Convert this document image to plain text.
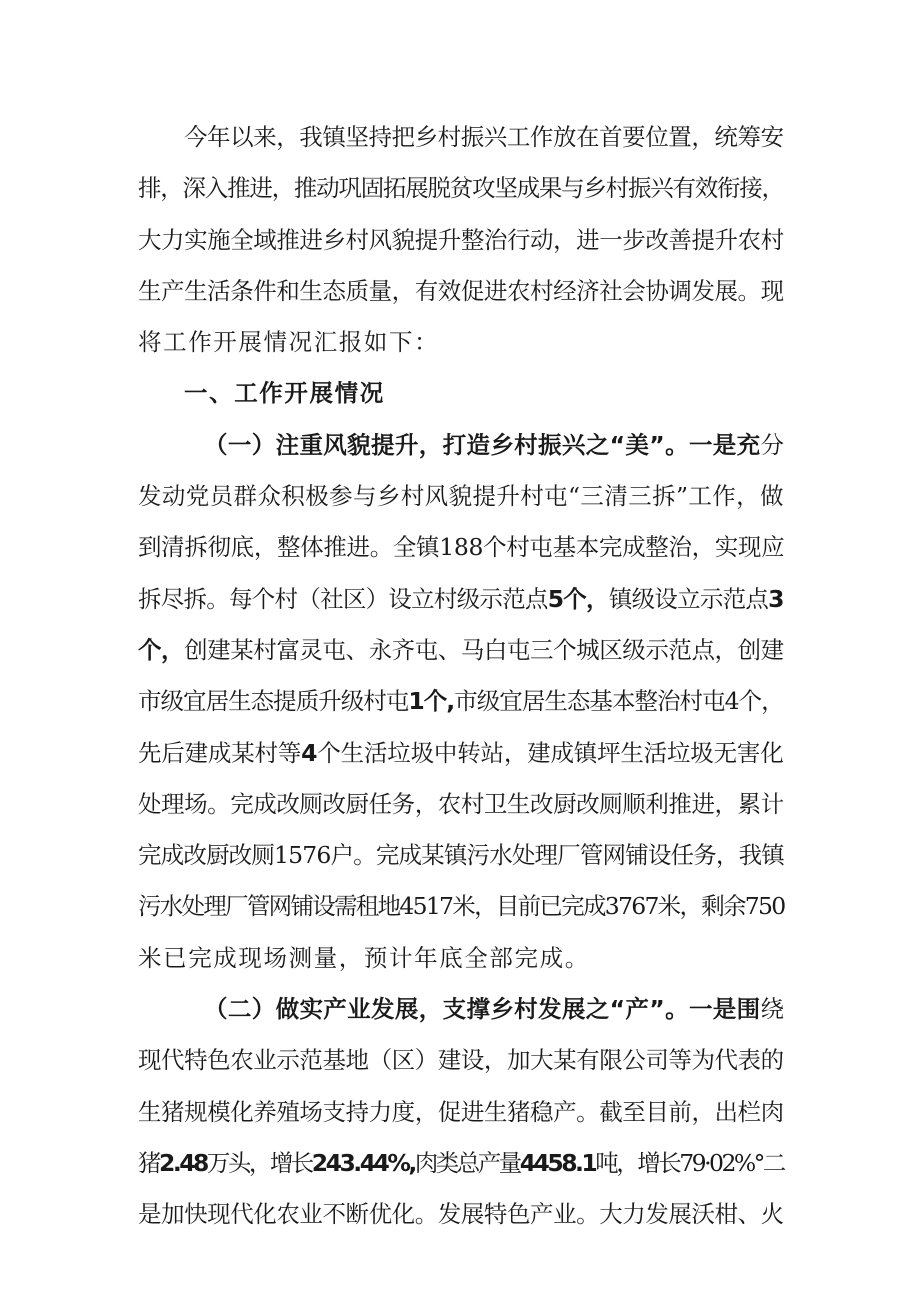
今年以来，我镇坚持把乡村振兴工作放在首要位置，统筹安
排，深入推进，推动巩固拓展脱贫攻坚成果与乡村振兴有效衔接，
大力实施全域推进乡村风貌提升整治行动，进一步改善提升农村
生产生活条件和生态质量，有效促进农村经济社会协调发展。现
将工作开展情况汇报如下：
一、工作开展情况
（一）注重风貌提升，打造乡村振兴之“美”。一是充分
发动党员群众积极参与乡村风貌提升村屯“三清三拆”工作，做
到清拆彻底，整体推进。全镇188个村屯基本完成整治，实现应
拆尽拆。每个村（社区）设立村级示范点5个，镇级设立示范点3
个，创建某村富灵屯、永齐屯、马白屯三个城区级示范点，创建
市级宜居生态提质升级村屯1个,市级宜居生态基本整治村屯4个，
先后建成某村等4个生活垃圾中转站，建成镇坪生活垃圾无害化
处理场。完成改厕改厨任务，农村卫生改厨改厕顺利推进，累计
完成改厨改厕1576户。完成某镇污水处理厂管网铺设任务，我镇
污水处理厂管网铺设需租地4517米，目前已完成3767米，剩余750
米已完成现场测量，预计年底全部完成。
（二）做实产业发展，支撑乡村发展之“产”。一是围绕
现代特色农业示范基地（区）建设，加大某有限公司等为代表的
生猪规模化养殖场支持力度，促进生猪稳产。截至目前，出栏肉
猪2.48万头，增长243.44%,肉类总产量4458.1吨，增长79·02%°二
是加快现代化农业不断优化。发展特色产业。大力发展沃柑、火
